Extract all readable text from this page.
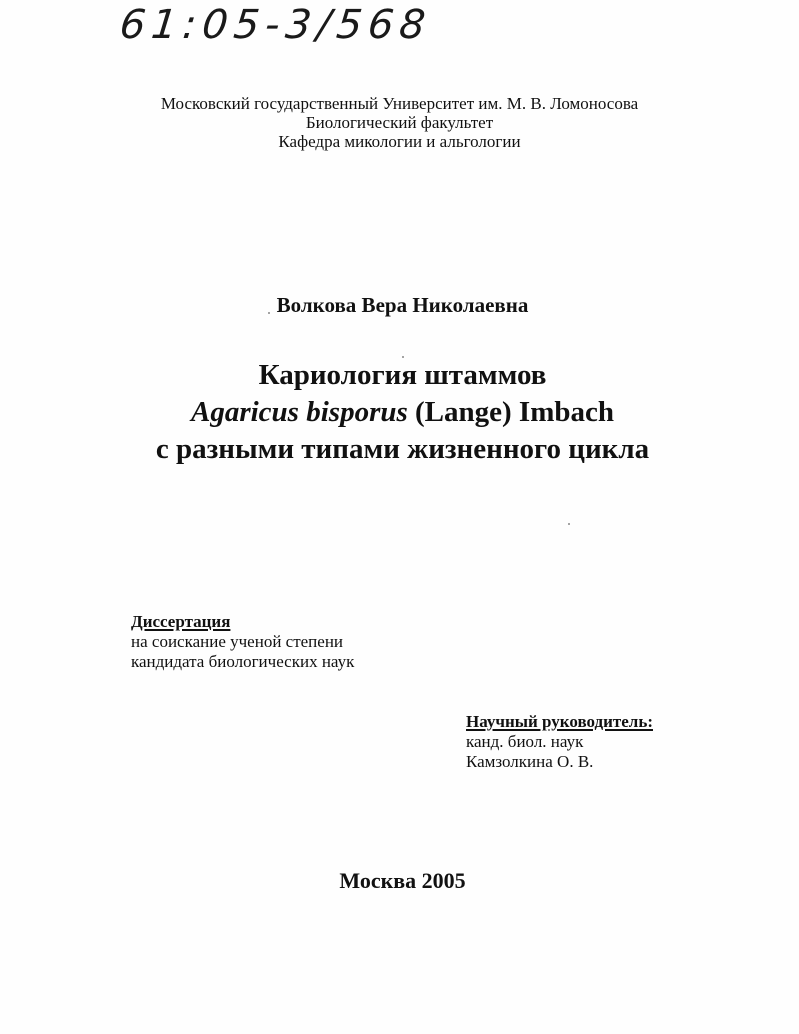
61:05-3/568
Московский государственный Университет им. М. В. Ломоносова
Биологический факультет
Кафедра микологии и альгологии
Волкова Вера Николаевна
Кариология штаммов
Agaricus bisporus (Lange) Imbach
с разными типами жизненного цикла
Диссертация
на соискание ученой степени
кандидата биологических наук
Научный руководитель:
канд. биол. наук
Камзолкина О. В.
Москва 2005
